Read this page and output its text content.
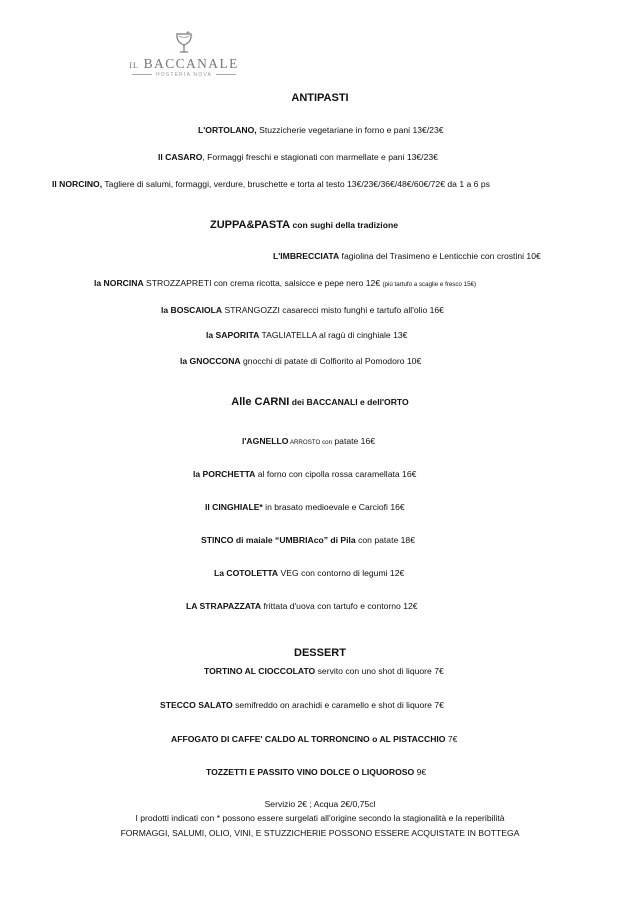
IL BACCANALE
HOSTERIA NOVA
ANTIPASTI
L'ORTOLANO, Stuzzicherie vegetariane in forno e pani 13€/23€
Il CASARO, Formaggi freschi e stagionati con marmellate e pani 13€/23€
Il NORCINO, Tagliere di salumi, formaggi, verdure, bruschette e torta al testo 13€/23€/36€/48€/60€/72€ da 1 a 6 ps
ZUPPA&PASTA con sughi della tradizione
L'IMBRECCIATA fagiolina del Trasimeno e Lenticchie con crostini 10€
la NORCINA STROZZAPRETI con crema ricotta, salsicce e pepe nero 12€ (più tartufo a scaglie e fresco 15€)
la BOSCAIOLA STRANGOZZI casarecci misto funghi e tartufo all'olio 16€
la SAPORITA TAGLIATELLA al ragù di cinghiale 13€
la GNOCCONA gnocchi di patate di Colfiorito al Pomodoro 10€
Alle CARNI dei BACCANALI e dell'ORTO
l'AGNELLO ARROSTO con patate 16€
la PORCHETTA al forno con cipolla rossa caramellata 16€
Il CINGHIALE* in brasato medioevale e Carciofi 16€
STINCO di maiale “UMBRIAco” di Pila con patate 18€
La COTOLETTA VEG con contorno di legumi 12€
LA STRAPAZZATA frittata d'uova con tartufo e contorno 12€
DESSERT
TORTINO AL CIOCCOLATO servito con uno shot di liquore 7€
STECCO SALATO semifreddo on arachidi e caramello e shot di liquore 7€
AFFOGATO DI CAFFE' CALDO AL TORRONCINO o AL PISTACCHIO 7€
TOZZETTI E PASSITO VINO DOLCE O LIQUOROSO 9€
Servizio 2€ ; Acqua 2€/0,75cl
I prodotti indicati con * possono essere surgelati all'origine secondo la stagionalità e la reperibilità
FORMAGGI, SALUMI, OLIO, VINI, E STUZZICHERIE POSSONO ESSERE ACQUISTATE IN BOTTEGA
